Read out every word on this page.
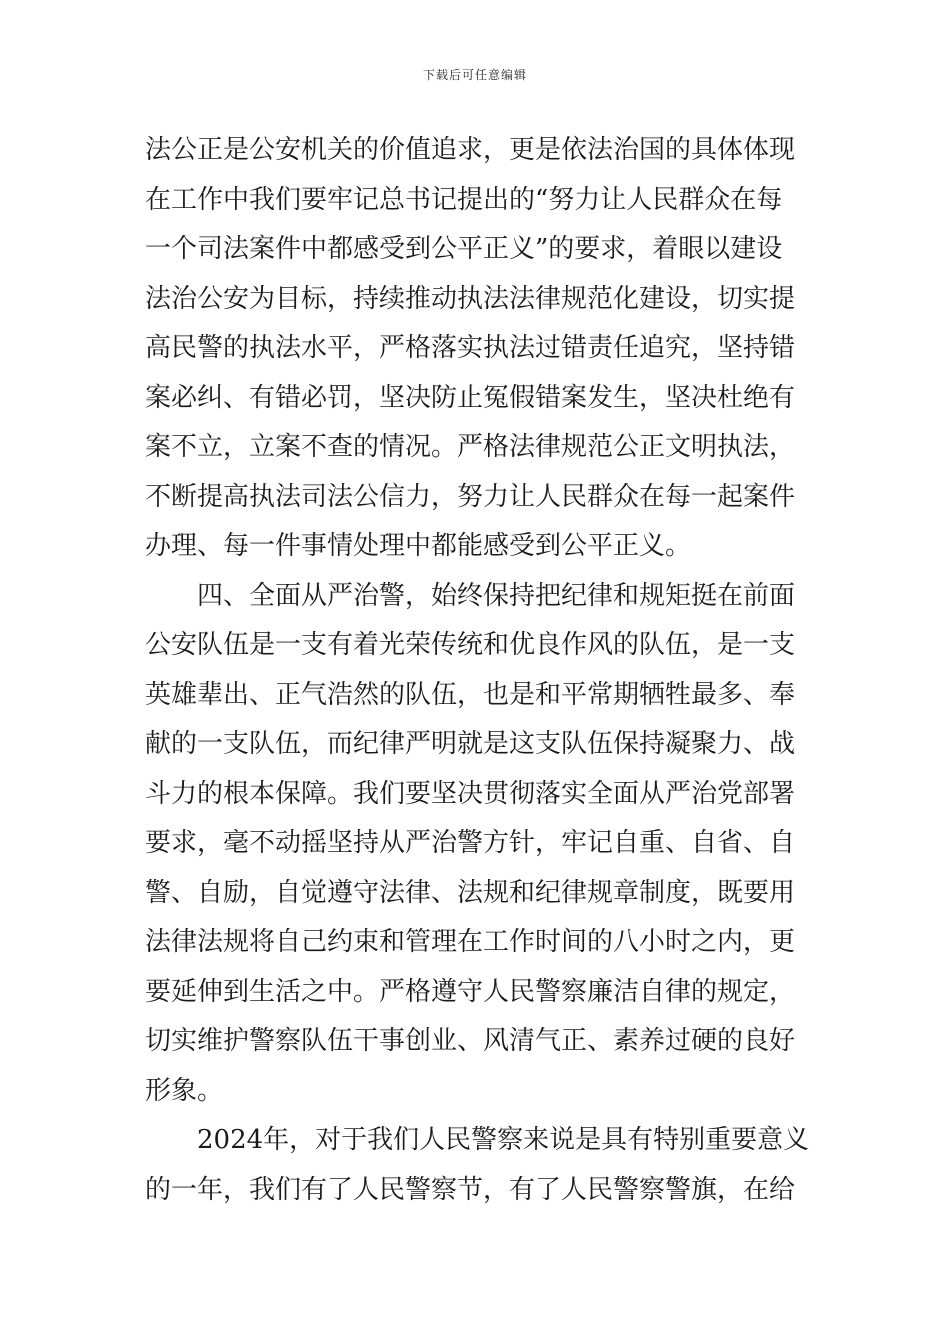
下载后可任意编辑
法公正是公安机关的价值追求，更是依法治国的具体体现
在工作中我们要牢记总书记提出的“努力让人民群众在每
一个司法案件中都感受到公平正义”的要求，着眼以建设
法治公安为目标，持续推动执法法律规范化建设，切实提
高民警的执法水平，严格落实执法过错责任追究，坚持错
案必纠、有错必罚，坚决防止冤假错案发生，坚决杜绝有
案不立，立案不查的情况。严格法律规范公正文明执法，
不断提高执法司法公信力，努力让人民群众在每一起案件
办理、每一件事情处理中都能感受到公平正义。
四、全面从严治警，始终保持把纪律和规矩挺在前面
公安队伍是一支有着光荣传统和优良作风的队伍，是一支
英雄辈出、正气浩然的队伍，也是和平常期牺牲最多、奉
献的一支队伍，而纪律严明就是这支队伍保持凝聚力、战
斗力的根本保障。我们要坚决贯彻落实全面从严治党部署
要求，毫不动摇坚持从严治警方针，牢记自重、自省、自
警、自励，自觉遵守法律、法规和纪律规章制度，既要用
法律法规将自己约束和管理在工作时间的八小时之内，更
要延伸到生活之中。严格遵守人民警察廉洁自律的规定，
切实维护警察队伍干事创业、风清气正、素养过硬的良好
形象。
2024年，对于我们人民警察来说是具有特别重要意义
的一年，我们有了人民警察节，有了人民警察警旗，在给
